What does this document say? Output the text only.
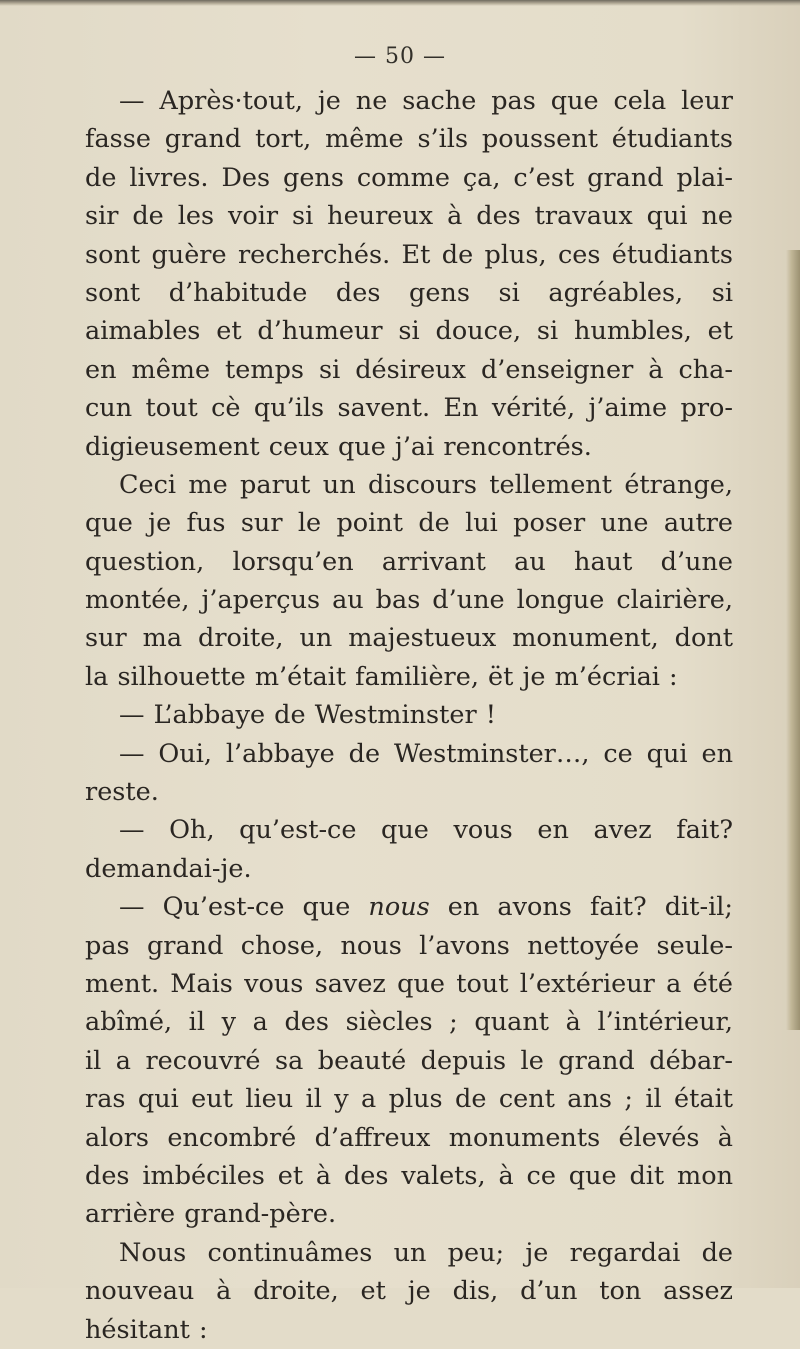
— 50 —
— Après·tout, je ne sache pas que cela leur
fasse grand tort, même s’ils poussent étudiants
de livres. Des gens comme ça, c’est grand plai-
sir de les voir si heureux à des travaux qui ne
sont guère recherchés. Et de plus, ces étudiants
sont d’habitude des gens si agréables, si
aimables et d’humeur si douce, si humbles, et
en même temps si désireux d’enseigner à cha-
cun tout cè qu’ils savent. En vérité, j’aime pro-
digieusement ceux que j’ai rencontrés.
Ceci me parut un discours tellement étrange,
que je fus sur le point de lui poser une autre
question, lorsqu’en arrivant au haut d’une
montée, j’aperçus au bas d’une longue clairière,
sur ma droite, un majestueux monument, dont
la silhouette m’était familière, ët je m’écriai :
— L’abbaye de Westminster !
— Oui, l’abbaye de Westminster…, ce qui en
reste.
— Oh, qu’est-ce que vous en avez fait?
demandai-je.
— Qu’est-ce que nous en avons fait? dit-il;
pas grand chose, nous l’avons nettoyée seule-
ment. Mais vous savez que tout l’extérieur a été
abîmé, il y a des siècles ; quant à l’intérieur,
il a recouvré sa beauté depuis le grand débar-
ras qui eut lieu il y a plus de cent ans ; il était
alors encombré d’affreux monuments élevés à
des imbéciles et à des valets, à ce que dit mon
arrière grand-père.
Nous continuâmes un peu; je regardai de
nouveau à droite, et je dis, d’un ton assez
hésitant :
